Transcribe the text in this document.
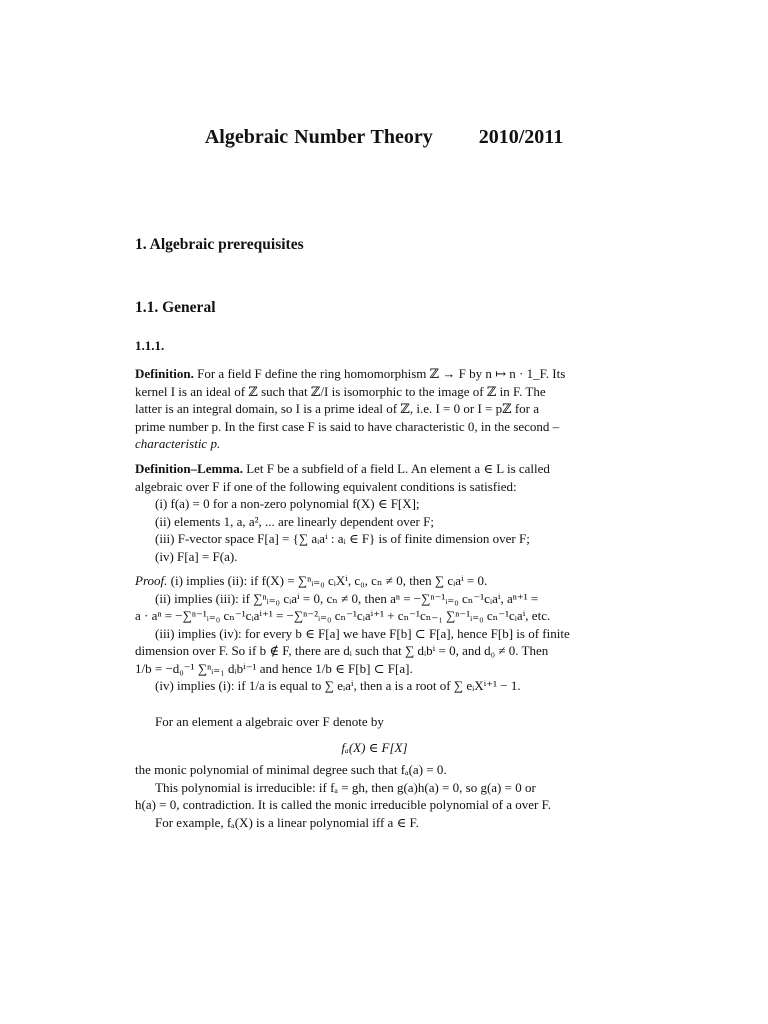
Algebraic Number Theory 2010/2011
1. Algebraic prerequisites
1.1. General
1.1.1.

Definition. For a field F define the ring homomorphism ℤ → F by n ↦ n · 1_F. Its

kernel I is an ideal of ℤ such that ℤ/I is isomorphic to the image of ℤ in F. The

latter is an integral domain, so I is a prime ideal of ℤ, i.e. I = 0 or I = pℤ for a

prime number p. In the first case F is said to have characteristic 0, in the second –

characteristic p.

Definition–Lemma. Let F be a subfield of a field L. An element a ∈ L is called

algebraic over F if one of the following equivalent conditions is satisfied:

(i) f(a) = 0 for a non-zero polynomial f(X) ∈ F[X];

(ii) elements 1, a, a², ... are linearly dependent over F;

(iii) F-vector space F[a] = {∑ aᵢaⁱ : aᵢ ∈ F} is of finite dimension over F;

(iv) F[a] = F(a).

Proof. (i) implies (ii): if f(X) = ∑ⁿᵢ₌₀ cᵢXⁱ, c₀, cₙ ≠ 0, then ∑ cᵢaⁱ = 0.

(ii) implies (iii): if ∑ⁿᵢ₌₀ cᵢaⁱ = 0, cₙ ≠ 0, then aⁿ = −∑ⁿ⁻¹ᵢ₌₀ cₙ⁻¹cᵢaⁱ, aⁿ⁺¹ =

a · aⁿ = −∑ⁿ⁻¹ᵢ₌₀ cₙ⁻¹cᵢaⁱ⁺¹ = −∑ⁿ⁻²ᵢ₌₀ cₙ⁻¹cᵢaⁱ⁺¹ + cₙ⁻¹cₙ₋₁ ∑ⁿ⁻¹ᵢ₌₀ cₙ⁻¹cᵢaⁱ, etc.

(iii) implies (iv): for every b ∈ F[a] we have F[b] ⊂ F[a], hence F[b] is of finite

dimension over F. So if b ∉ F, there are dᵢ such that ∑ dᵢbⁱ = 0, and d₀ ≠ 0. Then

1/b = −d₀⁻¹ ∑ⁿᵢ₌₁ dᵢbⁱ⁻¹ and hence 1/b ∈ F[b] ⊂ F[a].

(iv) implies (i): if 1/a is equal to ∑ eᵢaⁱ, then a is a root of ∑ eᵢXⁱ⁺¹ − 1.

For an element a algebraic over F denote by

fₐ(X) ∈ F[X]

the monic polynomial of minimal degree such that fₐ(a) = 0.

This polynomial is irreducible: if fₐ = gh, then g(a)h(a) = 0, so g(a) = 0 or

h(a) = 0, contradiction. It is called the monic irreducible polynomial of a over F.

For example, fₐ(X) is a linear polynomial iff a ∈ F.
